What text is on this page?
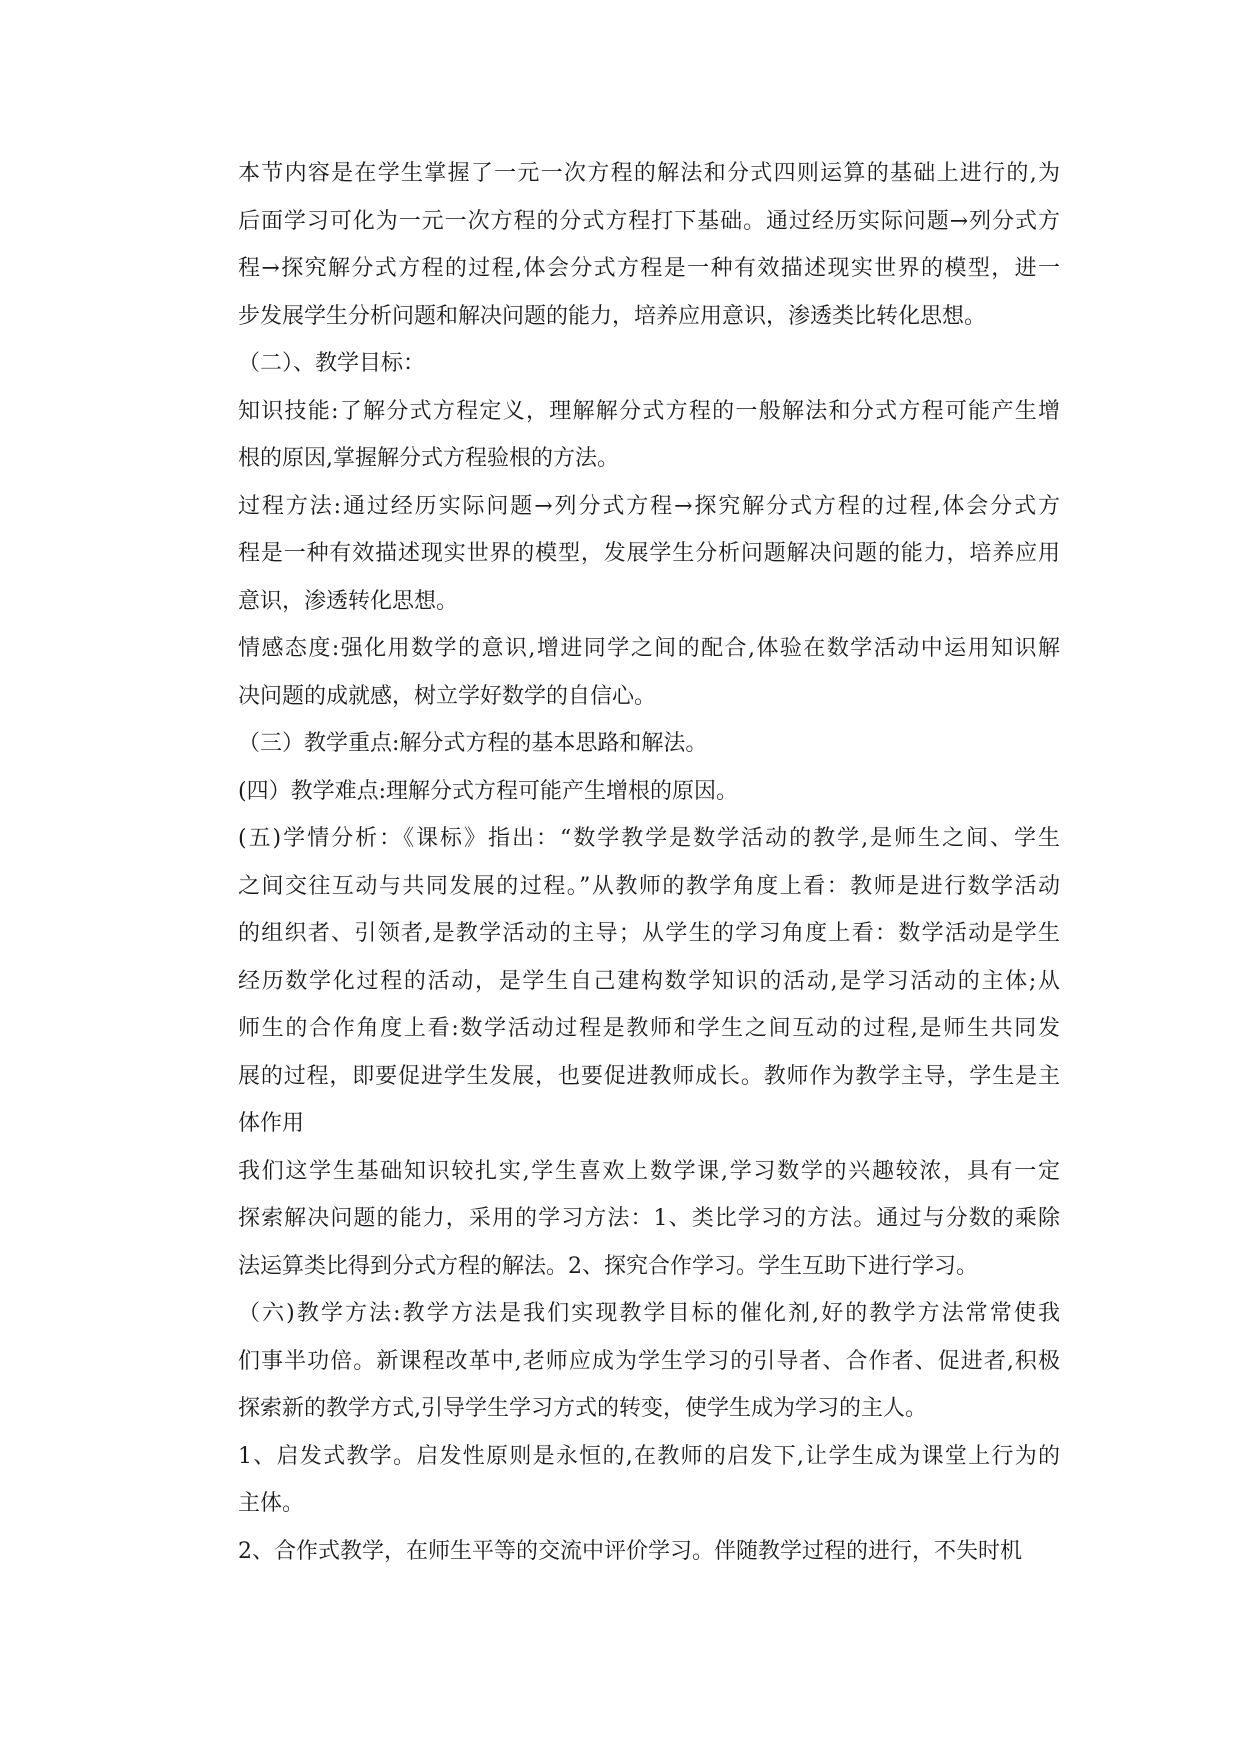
本节内容是在学生掌握了一元一次方程的解法和分式四则运算的基础上进行的,为
后面学习可化为一元一次方程的分式方程打下基础。通过经历实际问题→列分式方
程→探究解分式方程的过程,体会分式方程是一种有效描述现实世界的模型，进一
步发展学生分析问题和解决问题的能力，培养应用意识，渗透类比转化思想。

（二）、教学目标：

知识技能:了解分式方程定义，理解解分式方程的一般解法和分式方程可能产生增
根的原因,掌握解分式方程验根的方法。

过程方法:通过经历实际问题→列分式方程→探究解分式方程的过程,体会分式方
程是一种有效描述现实世界的模型，发展学生分析问题解决问题的能力，培养应用
意识，渗透转化思想。

情感态度:强化用数学的意识,增进同学之间的配合,体验在数学活动中运用知识解
决问题的成就感，树立学好数学的自信心。

（三）教学重点:解分式方程的基本思路和解法。

(四）教学难点:理解分式方程可能产生增根的原因。

(五)学情分析：《课标》指出：“数学教学是数学活动的教学,是师生之间、学生
之间交往互动与共同发展的过程。”从教师的教学角度上看：教师是进行数学活动
的组织者、引领者,是教学活动的主导；从学生的学习角度上看：数学活动是学生
经历数学化过程的活动，是学生自己建构数学知识的活动,是学习活动的主体;从
师生的合作角度上看:数学活动过程是教师和学生之间互动的过程,是师生共同发
展的过程，即要促进学生发展，也要促进教师成长。教师作为教学主导，学生是主
体作用

我们这学生基础知识较扎实,学生喜欢上数学课,学习数学的兴趣较浓，具有一定
探索解决问题的能力，采用的学习方法：1、类比学习的方法。通过与分数的乘除
法运算类比得到分式方程的解法。2、探究合作学习。学生互助下进行学习。

（六)教学方法:教学方法是我们实现教学目标的催化剂,好的教学方法常常使我
们事半功倍。新课程改革中,老师应成为学生学习的引导者、合作者、促进者,积极
探索新的教学方式,引导学生学习方式的转变，使学生成为学习的主人。

1、启发式教学。启发性原则是永恒的,在教师的启发下,让学生成为课堂上行为的
主体。

2、合作式教学，在师生平等的交流中评价学习。伴随教学过程的进行，不失时机
